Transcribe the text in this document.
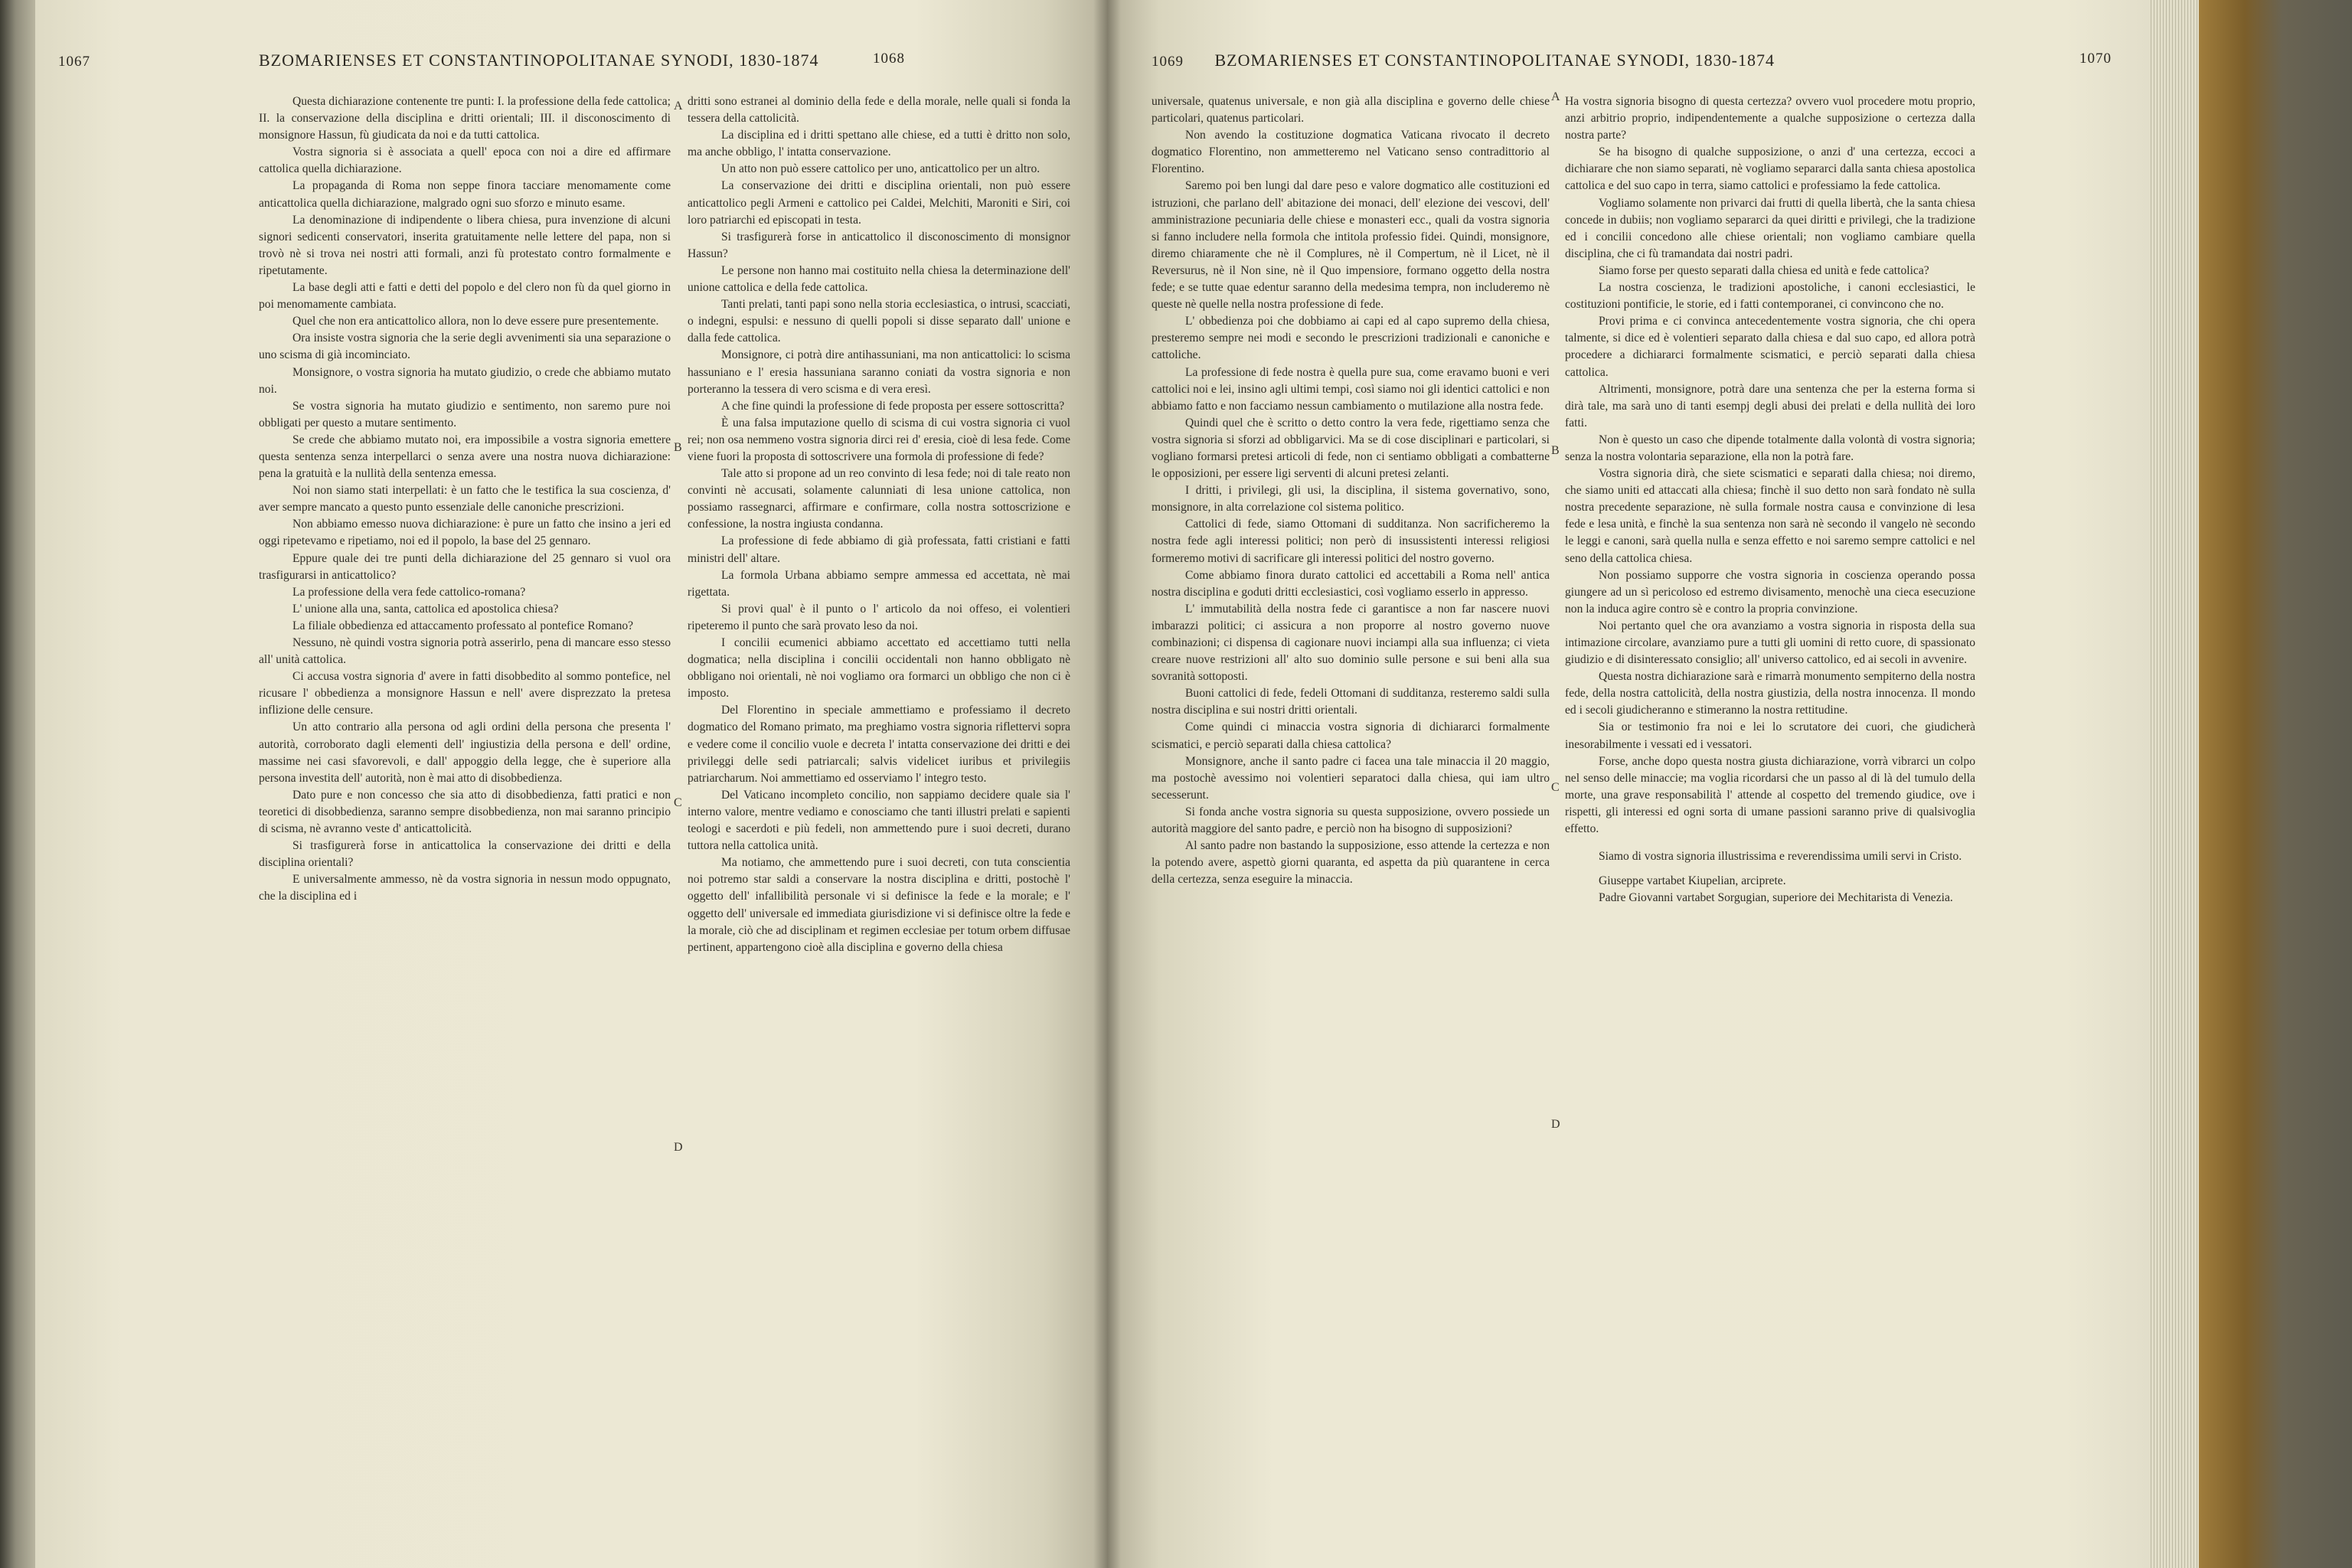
1067	BZOMARIENSES ET CONSTANTINOPOLITANAE SYNODI, 1830-1874	1068

Questa dichiarazione contenente tre punti: I. la professione della fede cattolica; II. la conservazione della disciplina e dritti orientali; III. il disconoscimento di monsignore Hassun, fù giudicata da noi e da tutti cattolica.

Vostra signoria si è associata a quell' epoca con noi a dire ed affirmare cattolica quella dichiarazione.

La propaganda di Roma non seppe finora tacciare menomamente come anticattolica quella dichiarazione, malgrado ogni suo sforzo e minuto esame.

La denominazione di indipendente o libera chiesa, pura invenzione di alcuni signori sedicenti conservatori, inserita gratuitamente nelle lettere del papa, non si trovò nè si trova nei nostri atti formali, anzi fù protestato contro formalmente e ripetutamente.

La base degli atti e fatti e detti del popolo e del clero non fù da quel giorno in poi menomamente cambiata.

Quel che non era anticattolico allora, non lo deve essere pure presentemente.

Ora insiste vostra signoria che la serie degli avvenimenti sia una separazione o uno scisma di già incominciato.

Monsignore, o vostra signoria ha mutato giudizio, o crede che abbiamo mutato noi.

Se vostra signoria ha mutato giudizio e sentimento, non saremo pure noi obbligati per questo a mutare sentimento.

Se crede che abbiamo mutato noi, era impossibile a vostra signoria emettere questa sentenza senza interpellarci o senza avere una nostra nuova dichiarazione: pena la gratuità e la nullità della sentenza emessa.

Noi non siamo stati interpellati: è un fatto che le testifica la sua coscienza, d' aver sempre mancato a questo punto essenziale delle canoniche prescrizioni.

Non abbiamo emesso nuova dichiarazione: è pure un fatto che insino a jeri ed oggi ripetevamo e ripetiamo, noi ed il popolo, la base del 25 gennaro.

Eppure quale dei tre punti della dichiarazione del 25 gennaro si vuol ora trasfigurarsi in anticattolico?

La professione della vera fede cattolico-romana?

L' unione alla una, santa, cattolica ed apostolica chiesa?

La filiale obbedienza ed attaccamento professato al pontefice Romano?

Nessuno, nè quindi vostra signoria potrà asserirlo, pena di mancare esso stesso all' unità cattolica.

Ci accusa vostra signoria d' avere in fatti disobbedito al sommo pontefice, nel ricusare l' obbedienza a monsignore Hassun e nell' avere disprezzato la pretesa inflizione delle censure.

Un atto contrario alla persona od agli ordini della persona che presenta l' autorità, corroborato dagli elementi dell' ingiustizia della persona e dell' ordine, massime nei casi sfavorevoli, e dall' appoggio della legge, che è superiore alla persona investita dell' autorità, non è mai atto di disobbedienza.

Dato pure e non concesso che sia atto di disobbedienza, fatti pratici e non teoretici di disobbedienza, saranno sempre disobbedienza, non mai saranno principio di scisma, nè avranno veste d' anticattolicità.

Si trasfigurerà forse in anticattolica la conservazione dei dritti e della disciplina orientali?

E universalmente ammesso, nè da vostra signoria in nessun modo oppugnato, che la disciplina ed i

dritti sono estranei al dominio della fede e della morale, nelle quali si fonda la tessera della cattolicità.

La disciplina ed i dritti spettano alle chiese, ed a tutti è dritto non solo, ma anche obbligo, l' intatta conservazione.

Un atto non può essere cattolico per uno, anticattolico per un altro.

La conservazione dei dritti e disciplina orientali, non può essere anticattolico pegli Armeni e cattolico pei Caldei, Melchiti, Maroniti e Siri, coi loro patriarchi ed episcopati in testa.

Si trasfigurerà forse in anticattolico il disconoscimento di monsignor Hassun?

Le persone non hanno mai costituito nella chiesa la determinazione dell' unione cattolica e della fede cattolica.

Tanti prelati, tanti papi sono nella storia ecclesiastica, o intrusi, scacciati, o indegni, espulsi: e nessuno di quelli popoli si disse separato dall' unione e dalla fede cattolica.

Monsignore, ci potrà dire antihassuniani, ma non anticattolici: lo scisma hassuniano e l' eresia hassuniana saranno coniati da vostra signoria e non porteranno la tessera di vero scisma e di vera eresì.

A che fine quindi la professione di fede proposta per essere sottoscritta?

È una falsa imputazione quello di scisma di cui vostra signoria ci vuol rei; non osa nemmeno vostra signoria dirci rei d' eresia, cioè di lesa fede. Come viene fuori la proposta di sottoscrivere una formola di professione di fede?

Tale atto si propone ad un reo convinto di lesa fede; noi di tale reato non convinti nè accusati, solamente calunniati di lesa unione cattolica, non possiamo rassegnarci, affirmare e confirmare, colla nostra sottoscrizione e confessione, la nostra ingiusta condanna.

La professione di fede abbiamo di già professata, fatti cristiani e fatti ministri dell' altare.

La formola Urbana abbiamo sempre ammessa ed accettata, nè mai rigettata.

Si provi qual' è il punto o l' articolo da noi offeso, ei volentieri ripeteremo il punto che sarà provato leso da noi.

I concilii ecumenici abbiamo accettato ed accettiamo tutti nella dogmatica; nella disciplina i concilii occidentali non hanno obbligato nè obbligano noi orientali, nè noi vogliamo ora formarci un obbligo che non ci è imposto.

Del Florentino in speciale ammettiamo e professiamo il decreto dogmatico del Romano primato, ma preghiamo vostra signoria riflettervi sopra e vedere come il concilio vuole e decreta l' intatta conservazione dei dritti e dei privileggi delle sedi patriarcali; salvis videlicet iuribus et privilegiis patriarcharum. Noi ammettiamo ed osserviamo l' integro testo.

Del Vaticano incompleto concilio, non sappiamo decidere quale sia l' interno valore, mentre vediamo e conosciamo che tanti illustri prelati e sapienti teologi e sacerdoti e più fedeli, non ammettendo pure i suoi decreti, durano tuttora nella cattolica unità.

Ma notiamo, che ammettendo pure i suoi decreti, con tuta conscientia noi potremo star saldi a conservare la nostra disciplina e dritti, postochè l' oggetto dell' infallibilità personale vi si definisce la fede e la morale; e l' oggetto dell' universale ed immediata giurisdizione vi si definisce oltre la fede e la morale, ciò che ad disciplinam et regimen ecclesiae per totum orbem diffusae pertinent, appartengono cioè alla disciplina e governo della chiesa

A
B
C
D
1069 BZOMARIENSES ET CONSTANTINOPOLITANAE SYNODI, 1830-1874	1070

universale, quatenus universale, e non già alla disciplina e governo delle chiese particolari, quatenus particolari.

Non avendo la costituzione dogmatica Vaticana rivocato il decreto dogmatico Florentino, non ammetteremo nel Vaticano senso contradittorio al Florentino.

Saremo poi ben lungi dal dare peso e valore dogmatico alle costituzioni ed istruzioni, che parlano dell' abitazione dei monaci, dell' elezione dei vescovi, dell' amministrazione pecuniaria delle chiese e monasteri ecc., quali da vostra signoria si fanno includere nella formola che intitola professio fidei. Quindi, monsignore, diremo chiaramente che nè il Complures, nè il Compertum, nè il Licet, nè il Reversurus, nè il Non sine, nè il Quo impensiore, formano oggetto della nostra fede; e se tutte quae edentur saranno della medesima tempra, non includeremo nè queste nè quelle nella nostra professione di fede.

L' obbedienza poi che dobbiamo ai capi ed al capo supremo della chiesa, presteremo sempre nei modi e secondo le prescrizioni tradizionali e canoniche e cattoliche.

La professione di fede nostra è quella pure sua, come eravamo buoni e veri cattolici noi e lei, insino agli ultimi tempi, così siamo noi gli identici cattolici e non abbiamo fatto e non facciamo nessun cambiamento o mutilazione alla nostra fede.

Quindi quel che è scritto o detto contro la vera fede, rigettiamo senza che vostra signoria si sforzi ad obbligarvici. Ma se di cose disciplinari e particolari, si vogliano formarsi pretesi articoli di fede, non ci sentiamo obbligati a combatterne le opposizioni, per essere ligi serventi di alcuni pretesi zelanti.

I dritti, i privilegi, gli usi, la disciplina, il sistema governativo, sono, monsignore, in alta correlazione col sistema politico.

Cattolici di fede, siamo Ottomani di sudditanza. Non sacrificheremo la nostra fede agli interessi politici; non però di insussistenti interessi religiosi formeremo motivi di sacrificare gli interessi politici del nostro governo.

Come abbiamo finora durato cattolici ed accettabili a Roma nell' antica nostra disciplina e goduti dritti ecclesiastici, così vogliamo esserlo in appresso.

L' immutabilità della nostra fede ci garantisce a non far nascere nuovi imbarazzi politici; ci assicura a non proporre al nostro governo nuove combinazioni; ci dispensa di cagionare nuovi inciampi alla sua influenza; ci vieta creare nuove restrizioni all' alto suo dominio sulle persone e sui beni alla sua sovranità sottoposti.

Buoni cattolici di fede, fedeli Ottomani di sudditanza, resteremo saldi sulla nostra disciplina e sui nostri dritti orientali.

Come quindi ci minaccia vostra signoria di dichiararci formalmente scismatici, e perciò separati dalla chiesa cattolica?

Monsignore, anche il santo padre ci facea una tale minaccia il 20 maggio, ma postochè avessimo noi volentieri separatoci dalla chiesa, qui iam ultro secesserunt.

Si fonda anche vostra signoria su questa supposizione, ovvero possiede un autorità maggiore del santo padre, e perciò non ha bisogno di supposizioni?

Al santo padre non bastando la supposizione, esso attende la certezza e non la potendo avere, aspettò giorni quaranta, ed aspetta da più quarantene in cerca della certezza, senza eseguire la minaccia.

Ha vostra signoria bisogno di questa certezza? ovvero vuol procedere motu proprio, anzi arbitrio proprio, indipendentemente a qualche supposizione o certezza dalla nostra parte?

Se ha bisogno di qualche supposizione, o anzi d' una certezza, eccoci a dichiarare che non siamo separati, nè vogliamo separarci dalla santa chiesa apostolica cattolica e del suo capo in terra, siamo cattolici e professiamo la fede cattolica.

Vogliamo solamente non privarci dai frutti di quella libertà, che la santa chiesa concede in dubiis; non vogliamo separarci da quei diritti e privilegi, che la tradizione ed i concilii concedono alle chiese orientali; non vogliamo cambiare quella disciplina, che ci fù tramandata dai nostri padri.

Siamo forse per questo separati dalla chiesa ed unità e fede cattolica?

La nostra coscienza, le tradizioni apostoliche, i canoni ecclesiastici, le costituzioni pontificie, le storie, ed i fatti contemporanei, ci convincono che no.

Provi prima e ci convinca antecedentemente vostra signoria, che chi opera talmente, si dice ed è volentieri separato dalla chiesa e dal suo capo, ed allora potrà procedere a dichiararci formalmente scismatici, e perciò separati dalla chiesa cattolica.

Altrimenti, monsignore, potrà dare una sentenza che per la esterna forma si dirà tale, ma sarà uno di tanti esempj degli abusi dei prelati e della nullità dei loro fatti.

Non è questo un caso che dipende totalmente dalla volontà di vostra signoria; senza la nostra volontaria separazione, ella non la potrà fare.

Vostra signoria dirà, che siete scismatici e separati dalla chiesa; noi diremo, che siamo uniti ed attaccati alla chiesa; finchè il suo detto non sarà fondato nè sulla nostra precedente separazione, nè sulla formale nostra causa e convinzione di lesa fede e lesa unità, e finchè la sua sentenza non sarà nè secondo il vangelo nè secondo le leggi e canoni, sarà quella nulla e senza effetto e noi saremo sempre cattolici e nel seno della cattolica chiesa.

Non possiamo supporre che vostra signoria in coscienza operando possa giungere ad un sì pericoloso ed estremo divisamento, menochè una cieca esecuzione non la induca agire contro sè e contro la propria convinzione.

Noi pertanto quel che ora avanziamo a vostra signoria in risposta della sua intimazione circolare, avanziamo pure a tutti gli uomini di retto cuore, di spassionato giudizio e di disinteressato consiglio; all' universo cattolico, ed ai secoli in avvenire.

Questa nostra dichiarazione sarà e rimarrà monumento sempiterno della nostra fede, della nostra cattolicità, della nostra giustizia, della nostra innocenza. Il mondo ed i secoli giudicheranno e stimeranno la nostra rettitudine.

Sia or testimonio fra noi e lei lo scrutatore dei cuori, che giudicherà inesorabilmente i vessati ed i vessatori.

Forse, anche dopo questa nostra giusta dichiarazione, vorrà vibrarci un colpo nel senso delle minaccie; ma voglia ricordarsi che un passo al di là del tumulo della morte, una grave responsabilità l' attende al cospetto del tremendo giudice, ove i rispetti, gli interessi ed ogni sorta di umane passioni saranno prive di qualsivoglia effetto.

Siamo di vostra signoria illustrissima e reverendissima umili servi in Cristo.

Giuseppe vartabet Kiupelian, arciprete.

Padre Giovanni vartabet Sorgugian, superiore dei Mechitarista di Venezia.

A
B
C
D
